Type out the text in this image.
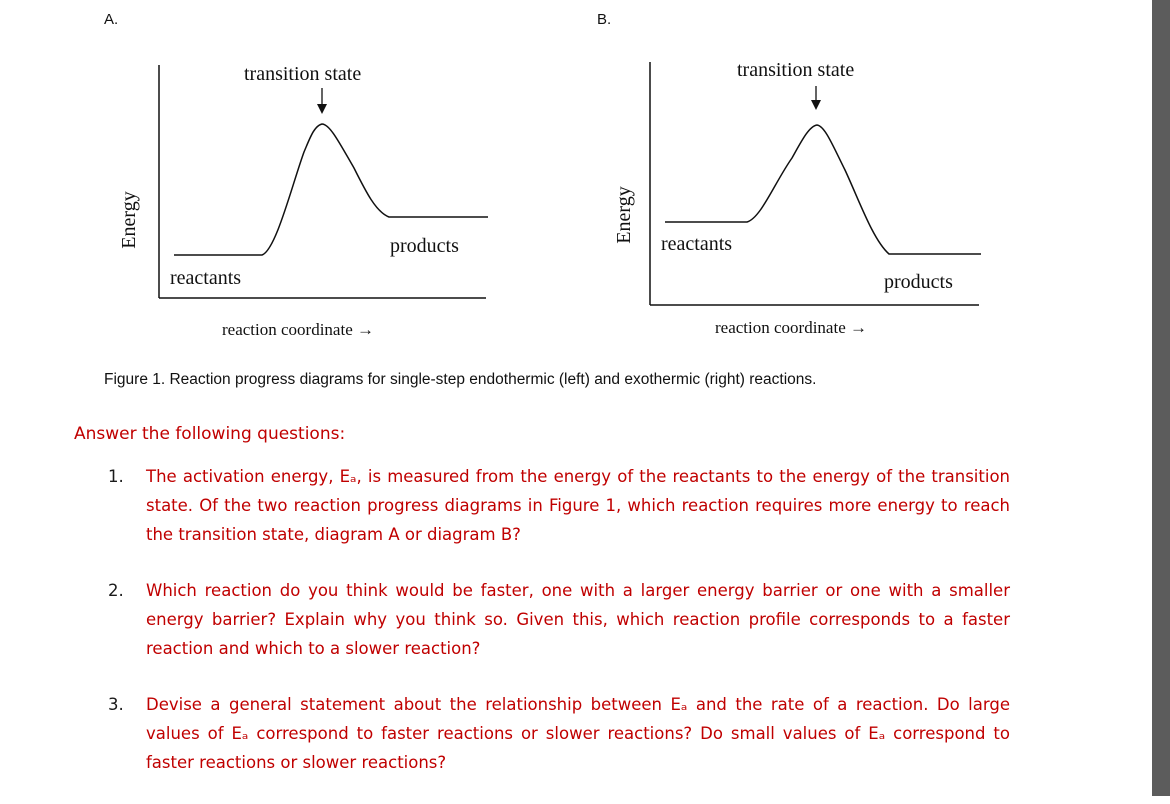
A.	B.
Energy
transition state
reactants
products
reaction coordinate →
Energy
transition state
reactants
products
reaction coordinate →
Figure 1. Reaction progress diagrams for single-step endothermic (left) and exothermic (right) reactions.
Answer the following questions:
1. The activation energy, Eₐ, is measured from the energy of the reactants to the energy of the transition state. Of the two reaction progress diagrams in Figure 1, which reaction requires more energy to reach the transition state, diagram A or diagram B?
2. Which reaction do you think would be faster, one with a larger energy barrier or one with a smaller energy barrier? Explain why you think so. Given this, which reaction profile corresponds to a faster reaction and which to a slower reaction?
3. Devise a general statement about the relationship between Eₐ and the rate of a reaction. Do large values of Eₐ correspond to faster reactions or slower reactions? Do small values of Eₐ correspond to faster reactions or slower reactions?
